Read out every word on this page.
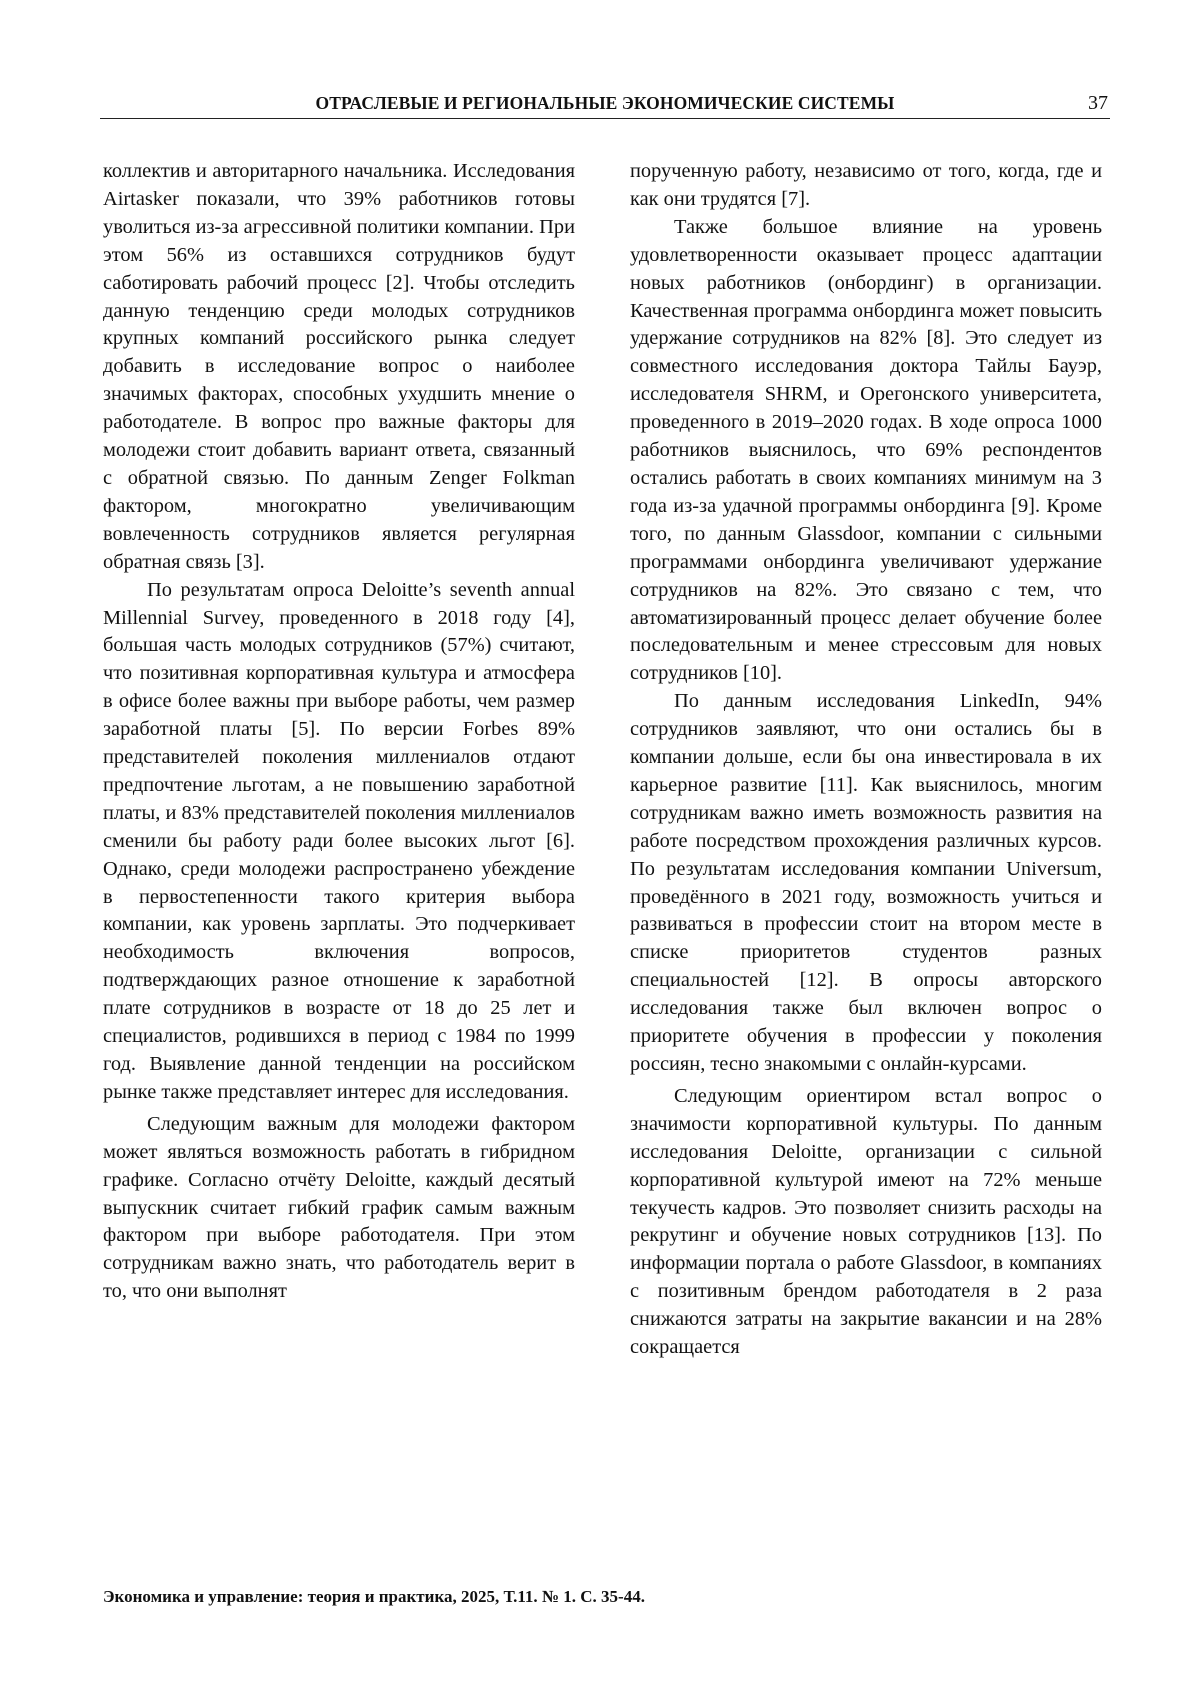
ОТРАСЛЕВЫЕ И РЕГИОНАЛЬНЫЕ ЭКОНОМИЧЕСКИЕ СИСТЕМЫ	37

коллектив и авторитарного начальника. Исследования Airtasker показали, что 39% работников готовы уволиться из-за агрессивной политики компании. При этом 56% из оставшихся сотрудников будут саботировать рабочий процесс [2]. Чтобы отследить данную тенденцию среди молодых сотрудников крупных компаний российского рынка следует добавить в исследование вопрос о наиболее значимых факторах, способных ухудшить мнение о работодателе. В вопрос про важные факторы для молодежи стоит добавить вариант ответа, связанный с обратной связью. По данным Zenger Folkman фактором, многократно увеличивающим вовлеченность сотрудников является регулярная обратная связь [3].

По результатам опроса Deloitte’s seventh annual Millennial Survey, проведенного в 2018 году [4], большая часть молодых сотрудников (57%) считают, что позитивная корпоративная культура и атмосфера в офисе более важны при выборе работы, чем размер заработной платы [5]. По версии Forbes 89% представителей поколения миллениалов отдают предпочтение льготам, а не повышению заработной платы, и 83% представителей поколения миллениалов сменили бы работу ради более высоких льгот [6]. Однако, среди молодежи распространено убеждение в первостепенности такого критерия выбора компании, как уровень зарплаты. Это подчеркивает необходимость включения вопросов, подтверждающих разное отношение к заработной плате сотрудников в возрасте от 18 до 25 лет и специалистов, родившихся в период с 1984 по 1999 год. Выявление данной тенденции на российском рынке также представляет интерес для исследования.

Следующим важным для молодежи фактором может являться возможность работать в гибридном графике. Согласно отчёту Deloitte, каждый десятый выпускник считает гибкий график самым важным фактором при выборе работодателя. При этом сотрудникам важно знать, что работодатель верит в то, что они выполнят

порученную работу, независимо от того, когда, где и как они трудятся [7].

Также большое влияние на уровень удовлетворенности оказывает процесс адаптации новых работников (онбординг) в организации. Качественная программа онбординга может повысить удержание сотрудников на 82% [8]. Это следует из совместного исследования доктора Тайлы Бауэр, исследователя SHRM, и Орегонского университета, проведенного в 2019–2020 годах. В ходе опроса 1000 работников выяснилось, что 69% респондентов остались работать в своих компаниях минимум на 3 года из-за удачной программы онбординга [9]. Кроме того, по данным Glassdoor, компании с сильными программами онбординга увеличивают удержание сотрудников на 82%. Это связано с тем, что автоматизированный процесс делает обучение более последовательным и менее стрессовым для новых сотрудников [10].

По данным исследования LinkedIn, 94% сотрудников заявляют, что они остались бы в компании дольше, если бы она инвестировала в их карьерное развитие [11]. Как выяснилось, многим сотрудникам важно иметь возможность развития на работе посредством прохождения различных курсов. По результатам исследования компании Universum, проведённого в 2021 году, возможность учиться и развиваться в профессии стоит на втором месте в списке приоритетов студентов разных специальностей [12]. В опросы авторского исследования также был включен вопрос о приоритете обучения в профессии у поколения россиян, тесно знакомыми с онлайн-курсами.

Следующим ориентиром встал вопрос о значимости корпоративной культуры. По данным исследования Deloitte, организации с сильной корпоративной культурой имеют на 72% меньше текучесть кадров. Это позволяет снизить расходы на рекрутинг и обучение новых сотрудников [13]. По информации портала о работе Glassdoor, в компаниях с позитивным брендом работодателя в 2 раза снижаются затраты на закрытие вакансии и на 28% сокращается

Экономика и управление: теория и практика, 2025, Т.11. № 1. С. 35-44.
